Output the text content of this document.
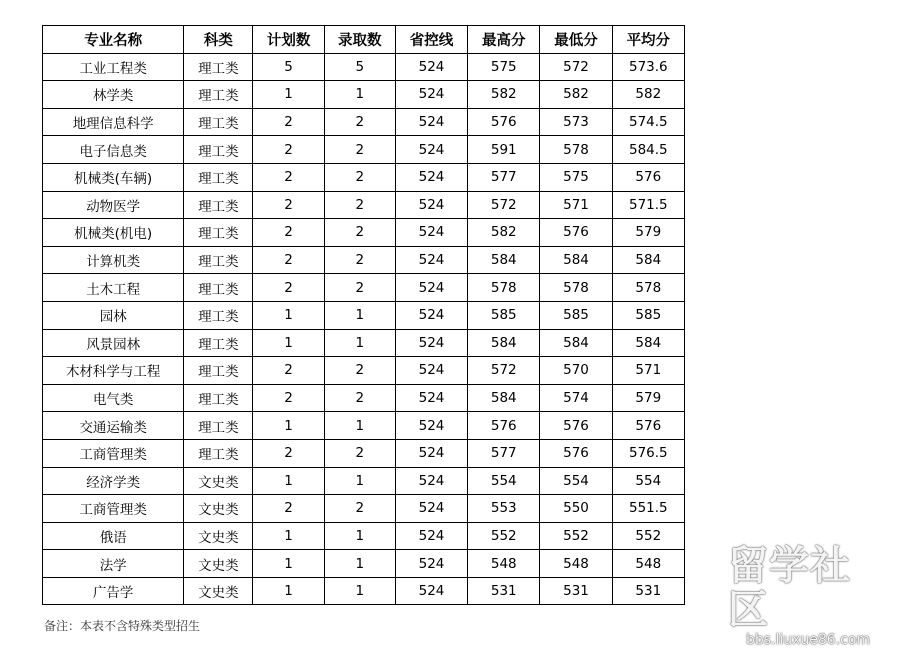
专业名称	科类	计划数	录取数	省控线	最高分	最低分	平均分
工业工程类	理工类	5	5	524	575	572	573.6
林学类	理工类	1	1	524	582	582	582
地理信息科学	理工类	2	2	524	576	573	574.5
电子信息类	理工类	2	2	524	591	578	584.5
机械类(车辆)	理工类	2	2	524	577	575	576
动物医学	理工类	2	2	524	572	571	571.5
机械类(机电)	理工类	2	2	524	582	576	579
计算机类	理工类	2	2	524	584	584	584
土木工程	理工类	2	2	524	578	578	578
园林	理工类	1	1	524	585	585	585
风景园林	理工类	1	1	524	584	584	584
木材科学与工程	理工类	2	2	524	572	570	571
电气类	理工类	2	2	524	584	574	579
交通运输类	理工类	1	1	524	576	576	576
工商管理类	理工类	2	2	524	577	576	576.5
经济学类	文史类	1	1	524	554	554	554
工商管理类	文史类	2	2	524	553	550	551.5
俄语	文史类	1	1	524	552	552	552
法学	文史类	1	1	524	548	548	548
广告学	文史类	1	1	524	531	531	531
备注：本表不含特殊类型招生
留学社区
bbs.liuxue86.com
